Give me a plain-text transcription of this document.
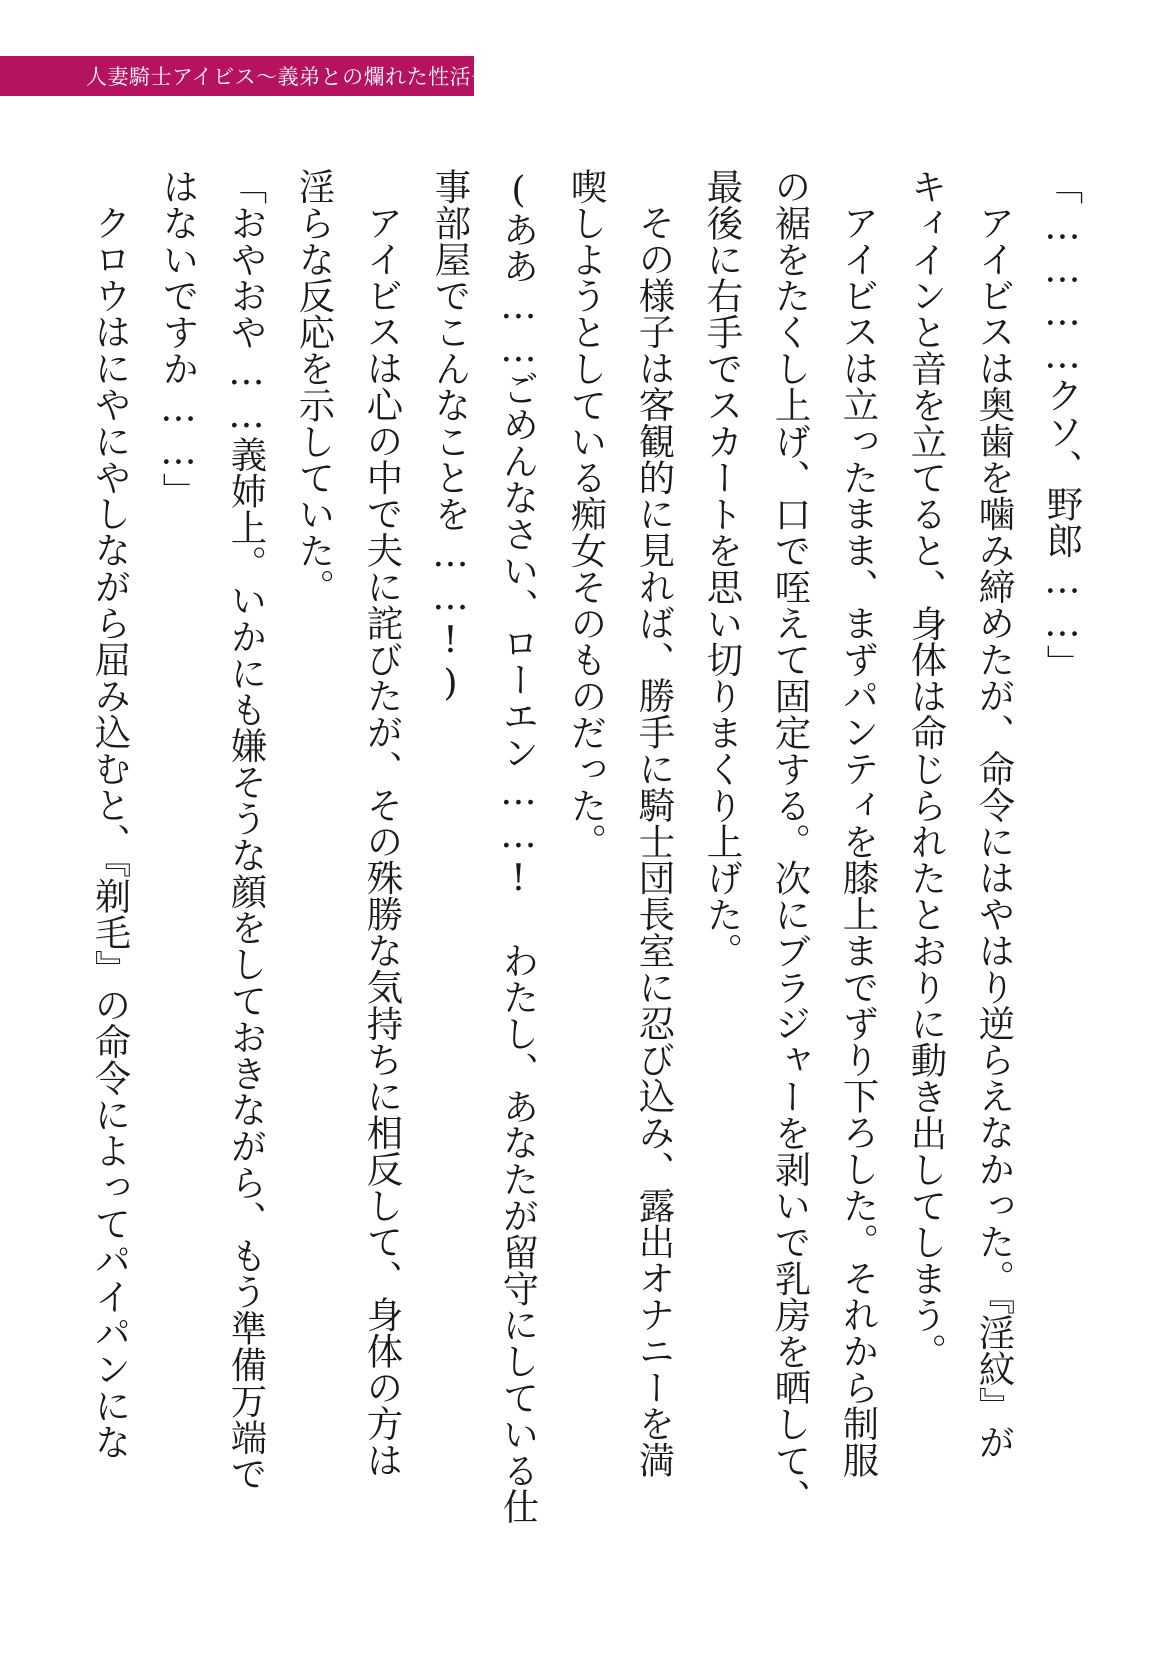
人妻騎士アイビス〜義弟との爛れた性活〜

「…………クソ、野郎……」

アイビスは奥歯を噛み締めたが、命令にはやはり逆らえなかった。『淫紋』が

キィインと音を立てると、身体は命じられたとおりに動き出してしまう。

アイビスは立ったまま、まずパンティを膝上までずり下ろした。それから制服

の裾をたくし上げ、口で咥えて固定する。次にブラジャーを剥いで乳房を晒して、

最後に右手でスカートを思い切りまくり上げた。

その様子は客観的に見れば、勝手に騎士団長室に忍び込み、露出オナニーを満

喫しようとしている痴女そのものだった。

(ああ……ごめんなさい、ローエン……! わたし、あなたが留守にしている仕

事部屋でこんなことを……!)

アイビスは心の中で夫に詫びたが、その殊勝な気持ちに相反して、身体の方は

淫らな反応を示していた。

「おやおや……義姉上。いかにも嫌そうな顔をしておきながら、もう準備万端で

はないですか……」

クロウはにやにやしながら屈み込むと、『剃毛』の命令によってパイパンにな
